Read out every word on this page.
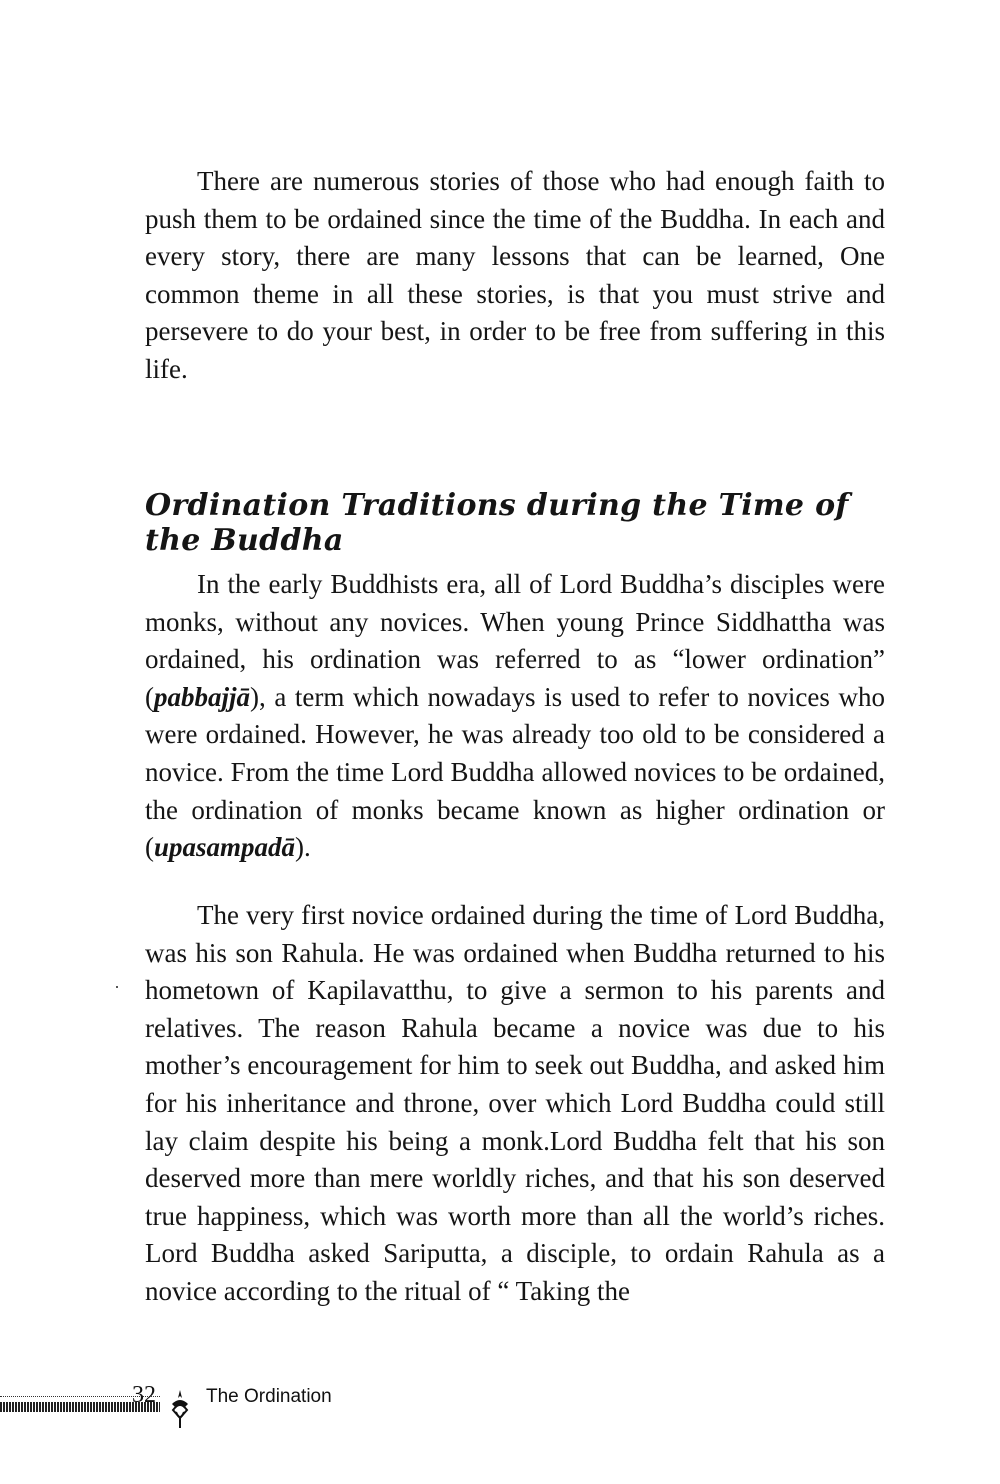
There are numerous stories of those who had enough faith to push them to be ordained since the time of the Buddha. In each and every story, there are many lessons that can be learned, One common theme in all these stories, is that you must strive and persevere to do your best, in order to be free from suffering in this life.

Ordination Traditions during the Time of the Buddha

In the early Buddhists era, all of Lord Buddha’s disciples were monks, without any novices. When young Prince Siddhattha was ordained, his ordination was referred to as “lower ordination” (pabbajjā), a term which nowadays is used to refer to novices who were ordained. However, he was already too old to be considered a novice. From the time Lord Buddha allowed novices to be ordained, the ordination of monks became known as higher ordination or (upasampadā).

The very first novice ordained during the time of Lord Buddha, was his son Rahula. He was ordained when Buddha returned to his hometown of Kapilavatthu, to give a sermon to his parents and relatives. The reason Rahula became a novice was due to his mother’s encouragement for him to seek out Buddha, and asked him for his inheritance and throne, over which Lord Buddha could still lay claim despite his being a monk.Lord Buddha felt that his son deserved more than mere worldly riches, and that his son deserved true happiness, which was worth more than all the world’s riches. Lord Buddha asked Sariputta, a disciple, to ordain Rahula as a novice according to the ritual of “ Taking the

32	The Ordination
